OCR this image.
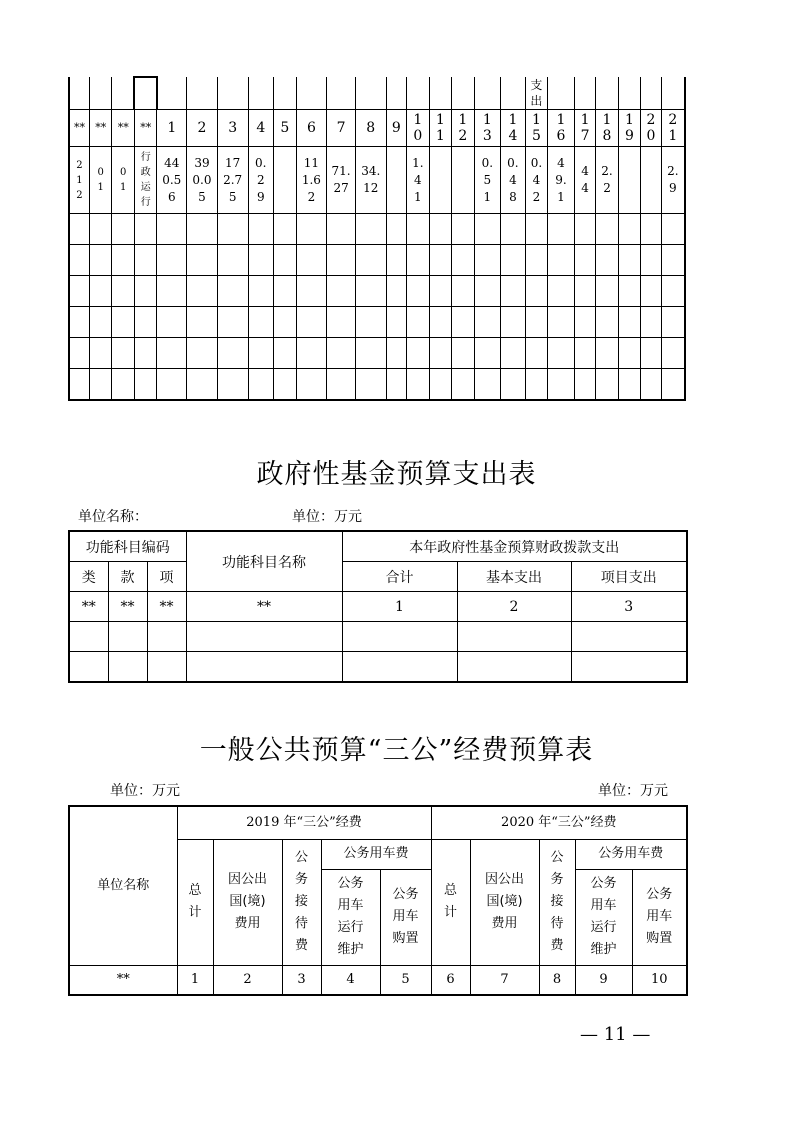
																		支出						
**	**	**	**	1	2	3	4	5	6	7	8	9	10	11	12	13	14	15	16	17	18	19	20	21
212	01	01	行政运行	440.56	390.05	172.75	0.29		111.62	71.27	34.12		1.41			0.51	0.48	0.42	49.1	44	2.2			2.9

政府性基金预算支出表
单位名称：	单位：万元
功能科目编码			功能科目名称	本年政府性基金预算财政拨款支出		
类	款	项		合计	基本支出	项目支出
**	**	**	**	1	2	3

一般公共预算“三公”经费预算表
单位：万元	单位：万元
单位名称	2019 年“三公”经费					2020 年“三公”经费				
	总计	因公出国(境)费用	公务接待费	公务用车费		总计	因公出国(境)费用	公务接待费	公务用车费	
				公务用车运行维护	公务用车购置				公务用车运行维护	公务用车购置
**	1	2	3	4	5	6	7	8	9	10
— 11 —
